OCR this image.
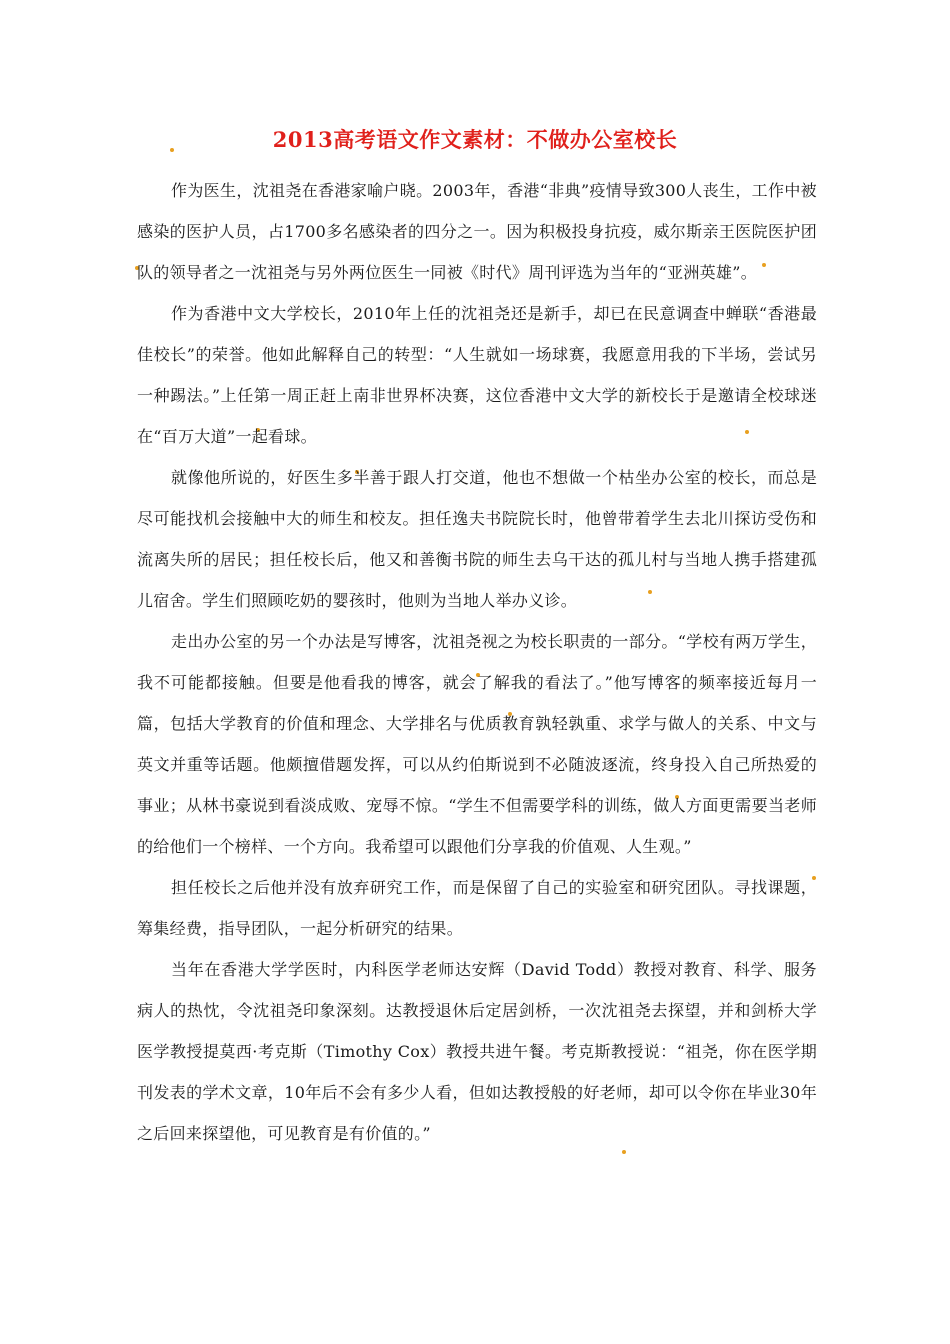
2013高考语文作文素材：不做办公室校长

作为医生，沈祖尧在香港家喻户晓。2003年，香港“非典”疫情导致300人丧生，工作中被感染的医护人员，占1700多名感染者的四分之一。因为积极投身抗疫，威尔斯亲王医院医护团队的领导者之一沈祖尧与另外两位医生一同被《时代》周刊评选为当年的“亚洲英雄”。

作为香港中文大学校长，2010年上任的沈祖尧还是新手，却已在民意调查中蝉联“香港最佳校长”的荣誉。他如此解释自己的转型：“人生就如一场球赛，我愿意用我的下半场，尝试另一种踢法。”上任第一周正赶上南非世界杯决赛，这位香港中文大学的新校长于是邀请全校球迷在“百万大道”一起看球。

就像他所说的，好医生多半善于跟人打交道，他也不想做一个枯坐办公室的校长，而总是尽可能找机会接触中大的师生和校友。担任逸夫书院院长时，他曾带着学生去北川探访受伤和流离失所的居民；担任校长后，他又和善衡书院的师生去乌干达的孤儿村与当地人携手搭建孤儿宿舍。学生们照顾吃奶的婴孩时，他则为当地人举办义诊。

走出办公室的另一个办法是写博客，沈祖尧视之为校长职责的一部分。“学校有两万学生，我不可能都接触。但要是他看我的博客，就会了解我的看法了。”他写博客的频率接近每月一篇，包括大学教育的价值和理念、大学排名与优质教育孰轻孰重、求学与做人的关系、中文与英文并重等话题。他颇擅借题发挥，可以从约伯斯说到不必随波逐流，终身投入自己所热爱的事业；从林书豪说到看淡成败、宠辱不惊。“学生不但需要学科的训练，做人方面更需要当老师的给他们一个榜样、一个方向。我希望可以跟他们分享我的价值观、人生观。”

担任校长之后他并没有放弃研究工作，而是保留了自己的实验室和研究团队。寻找课题，筹集经费，指导团队，一起分析研究的结果。

当年在香港大学学医时，内科医学老师达安辉（David Todd）教授对教育、科学、服务病人的热忱，令沈祖尧印象深刻。达教授退休后定居剑桥，一次沈祖尧去探望，并和剑桥大学医学教授提莫西·考克斯（Timothy Cox）教授共进午餐。考克斯教授说：“祖尧，你在医学期刊发表的学术文章，10年后不会有多少人看，但如达教授般的好老师，却可以令你在毕业30年之后回来探望他，可见教育是有价值的。”
